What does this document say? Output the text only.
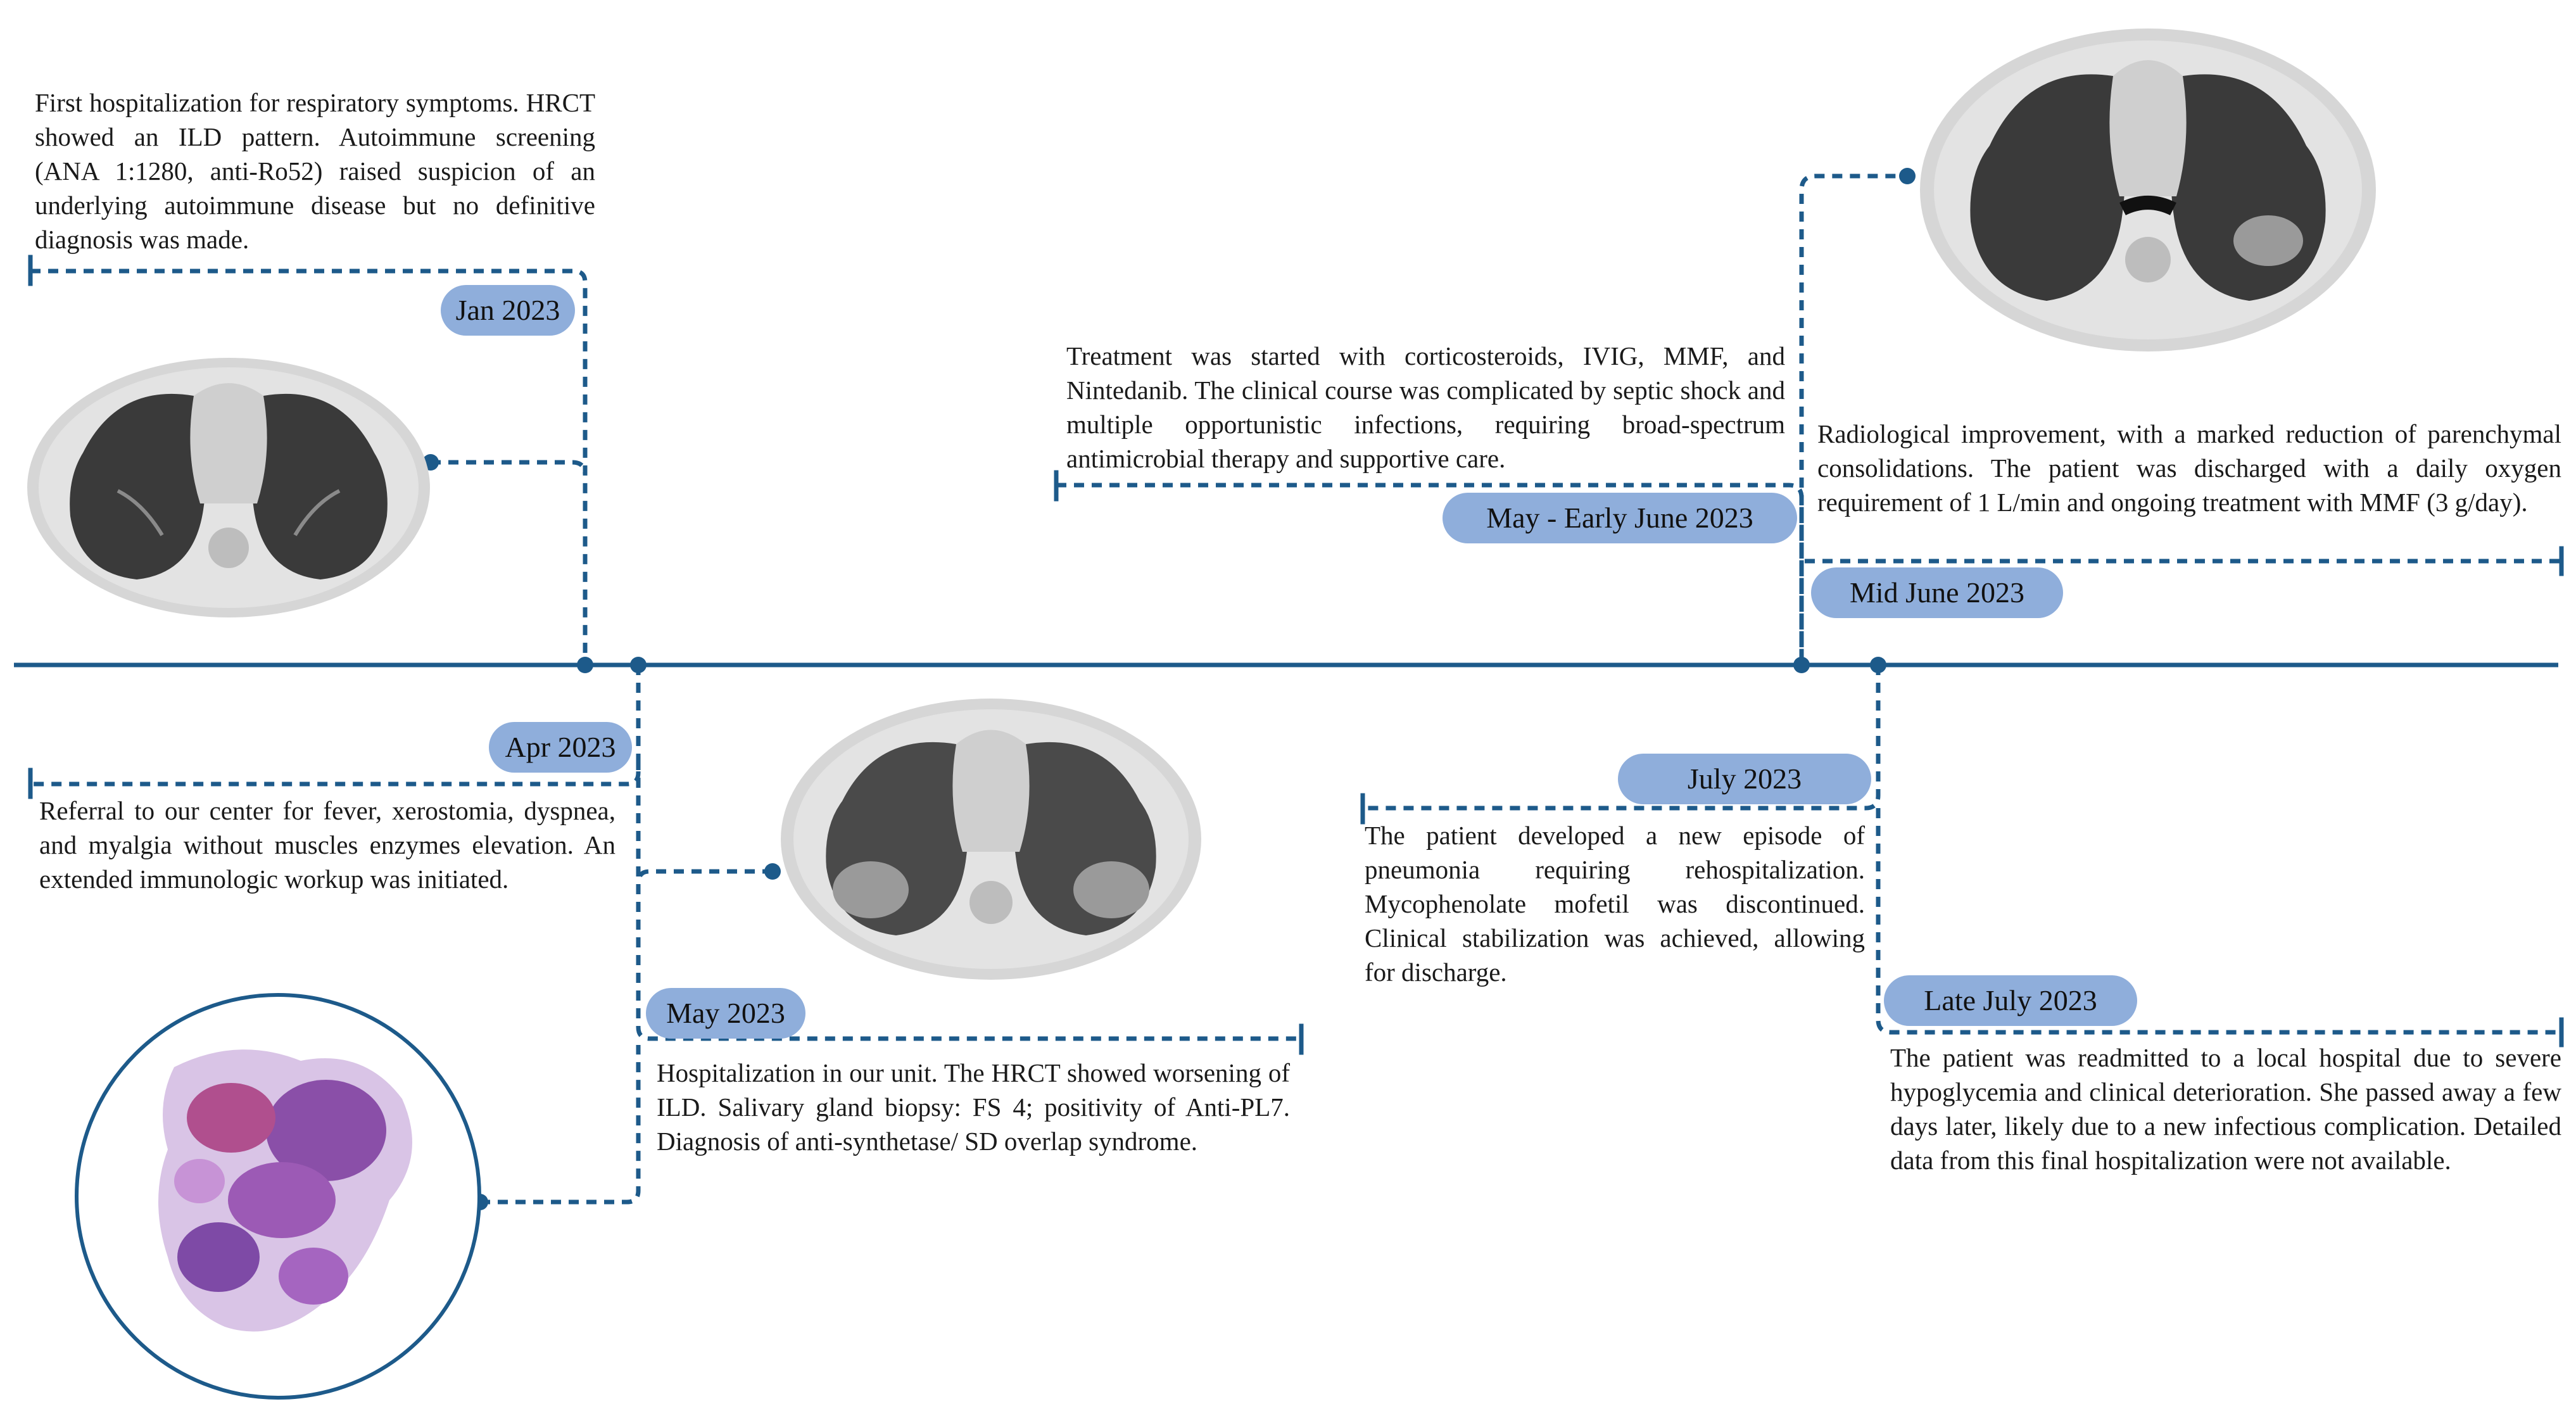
First hospitalization for respiratory symptoms. HRCT showed an ILD pattern. Autoimmune screening (ANA 1:1280, anti-Ro52) raised suspicion of an underlying autoimmune disease but no definitive diagnosis was made.

Referral to our center for fever, xerostomia, dyspnea, and myalgia without muscles enzymes elevation. An extended immunologic workup was initiated.

Hospitalization in our unit. The HRCT showed worsening of ILD. Salivary gland biopsy: FS 4; positivity of Anti-PL7. Diagnosis of anti-synthetase/ SD overlap syndrome.

Treatment was started with corticosteroids, IVIG, MMF, and Nintedanib. The clinical course was complicated by septic shock and multiple opportunistic infections, requiring broad-spectrum antimicrobial therapy and supportive care.

Radiological improvement, with a marked reduction of parenchymal consolidations. The patient was discharged with a daily oxygen requirement of 1 L/min and ongoing treatment with MMF (3 g/day).

The patient developed a new episode of pneumonia requiring rehospitalization. Mycophenolate mofetil was discontinued. Clinical stabilization was achieved, allowing for discharge.

The patient was readmitted to a local hospital due to severe hypoglycemia and clinical deterioration. She passed away a few days later, likely due to a new infectious complication. Detailed data from this final hospitalization were not available.

Jan 2023
Apr 2023
May 2023
May - Early June 2023
Mid June 2023
July 2023
Late July 2023
